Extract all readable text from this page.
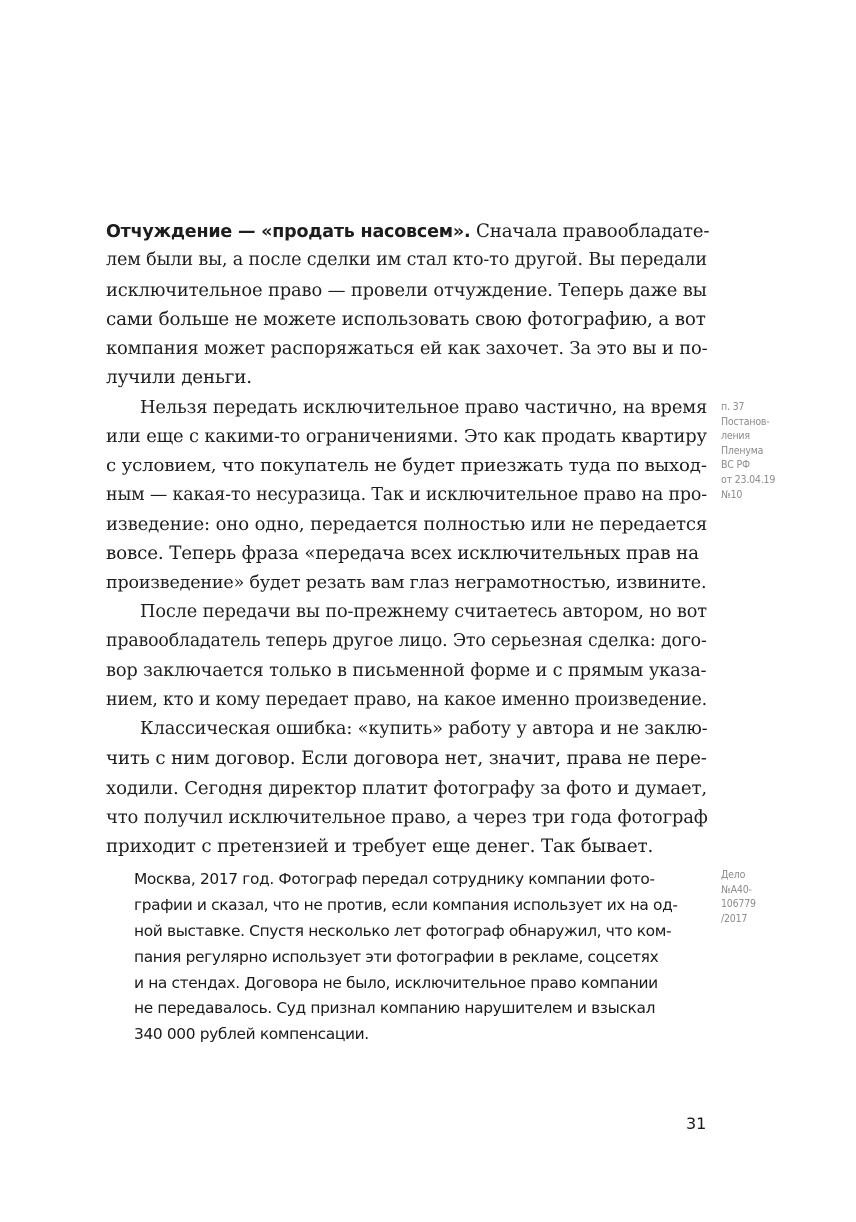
Отчуждение — «продать насовсем». Сначала правообладате-
лем были вы, а после сделки им стал кто-то другой. Вы передали
исключительное право — провели отчуждение. Теперь даже вы
сами больше не можете использовать свою фотографию, а вот
компания может распоряжаться ей как захочет. За это вы и по-
лучили деньги.
Нельзя передать исключительное право частично, на время
или еще с какими-то ограничениями. Это как продать квартиру
с условием, что покупатель не будет приезжать туда по выход-
ным — какая-то несуразица. Так и исключительное право на про-
изведение: оно одно, передается полностью или не передается
вовсе. Теперь фраза «передача всех исключительных прав на
произведение» будет резать вам глаз неграмотностью, извините.
После передачи вы по-прежнему считаетесь автором, но вот
правообладатель теперь другое лицо. Это серьезная сделка: дого-
вор заключается только в письменной форме и с прямым указа-
нием, кто и кому передает право, на какое именно произведение.
Классическая ошибка: «купить» работу у автора и не заклю-
чить с ним договор. Если договора нет, значит, права не пере-
ходили. Сегодня директор платит фотографу за фото и думает,
что получил исключительное право, а через три года фотограф
приходит с претензией и требует еще денег. Так бывает.
п. 37
Постанов-
ления
Пленума
ВС РФ
от 23.04.19
№10
Дело
№А40-
106779
/2017
Москва, 2017 год. Фотограф передал сотруднику компании фото-
графии и сказал, что не против, если компания использует их на од-
ной выставке. Спустя несколько лет фотограф обнаружил, что ком-
пания регулярно использует эти фотографии в рекламе, соцсетях
и на стендах. Договора не было, исключительное право компании
не передавалось. Суд признал компанию нарушителем и взыскал
340 000 рублей компенсации.
31
